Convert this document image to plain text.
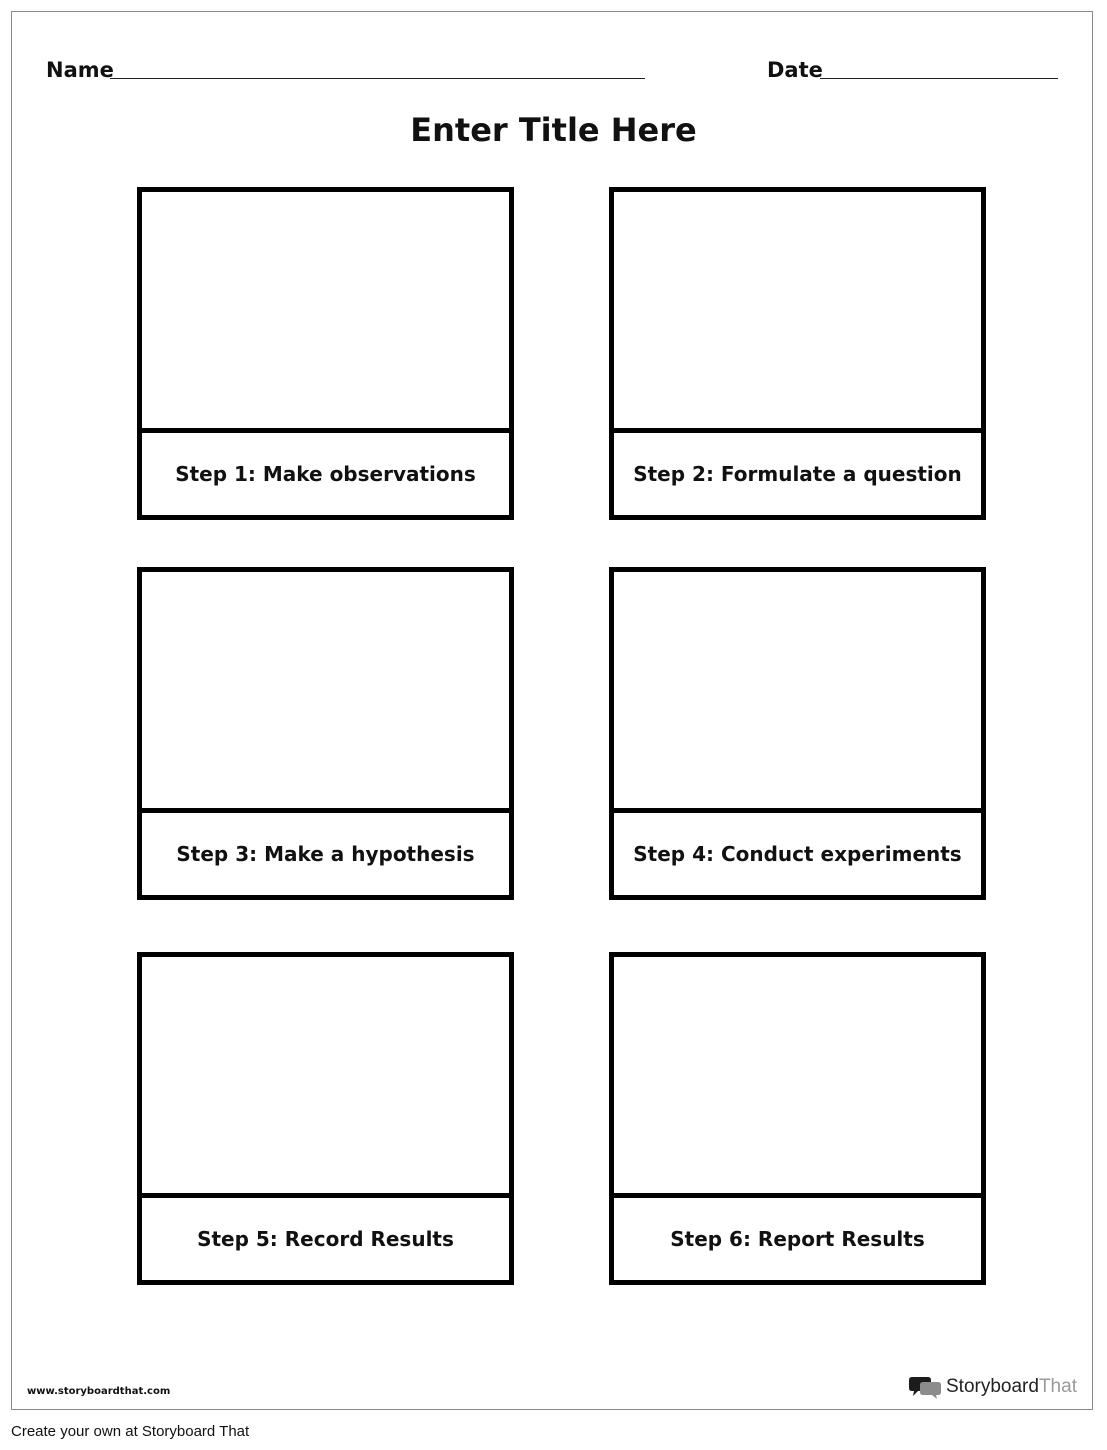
Name	Date
Enter Title Here
Step 1: Make observations	Step 2: Formulate a question
Step 3: Make a hypothesis	Step 4: Conduct experiments
Step 5: Record Results	Step 6: Report Results
www.storyboardthat.com	StoryboardThat
Create your own at Storyboard That
